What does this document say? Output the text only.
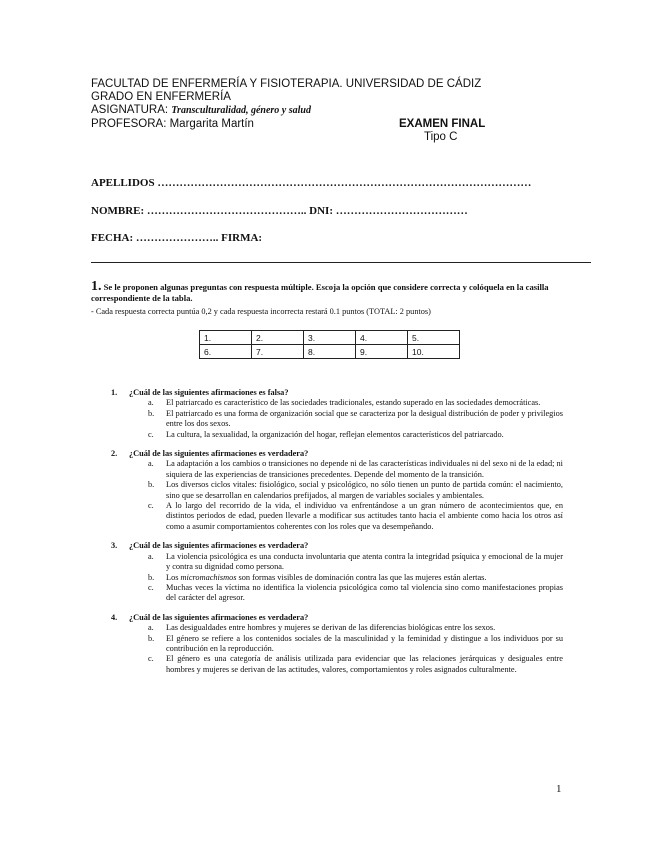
FACULTAD DE ENFERMERÍA Y FISIOTERAPIA. UNIVERSIDAD DE CÁDIZ
GRADO EN ENFERMERÍA
ASIGNATURA: Transculturalidad, género y salud
PROFESORA: Margarita Martín	EXAMEN FINAL
Tipo C
APELLIDOS …………………………………………………………………………………………
NOMBRE: …………………………………….. DNI: ………………………………
FECHA: ………………….. FIRMA:
1. Se le proponen algunas preguntas con respuesta múltiple. Escoja la opción que considere correcta y colóquela en la casilla correspondiente de la tabla.
- Cada respuesta correcta puntúa 0,2 y cada respuesta incorrecta restará 0.1 puntos (TOTAL: 2 puntos)
1.	2.	3.	4.	5.
6.	7.	8.	9.	10.
1. ¿Cuál de las siguientes afirmaciones es falsa?
a. El patriarcado es característico de las sociedades tradicionales, estando superado en las sociedades democráticas.
b. El patriarcado es una forma de organización social que se caracteriza por la desigual distribución de poder y privilegios entre los dos sexos.
c. La cultura, la sexualidad, la organización del hogar, reflejan elementos característicos del patriarcado.
2. ¿Cuál de las siguientes afirmaciones es verdadera?
a. La adaptación a los cambios o transiciones no depende ni de las características individuales ni del sexo ni de la edad; ni siquiera de las experiencias de transiciones precedentes. Depende del momento de la transición.
b. Los diversos ciclos vitales: fisiológico, social y psicológico, no sólo tienen un punto de partida común: el nacimiento, sino que se desarrollan en calendarios prefijados, al margen de variables sociales y ambientales.
c. A lo largo del recorrido de la vida, el individuo va enfrentándose a un gran número de acontecimientos que, en distintos periodos de edad, pueden llevarle a modificar sus actitudes tanto hacia el ambiente como hacia los otros así como a asumir comportamientos coherentes con los roles que va desempeñando.
3. ¿Cuál de las siguientes afirmaciones es verdadera?
a. La violencia psicológica es una conducta involuntaria que atenta contra la integridad psíquica y emocional de la mujer y contra su dignidad como persona.
b. Los micromachismos son formas visibles de dominación contra las que las mujeres están alertas.
c. Muchas veces la víctima no identifica la violencia psicológica como tal violencia sino como manifestaciones propias del carácter del agresor.
4. ¿Cuál de las siguientes afirmaciones es verdadera?
a. Las desigualdades entre hombres y mujeres se derivan de las diferencias biológicas entre los sexos.
b. El género se refiere a los contenidos sociales de la masculinidad y la feminidad y distingue a los individuos por su contribución en la reproducción.
c. El género es una categoría de análisis utilizada para evidenciar que las relaciones jerárquicas y desiguales entre hombres y mujeres se derivan de las actitudes, valores, comportamientos y roles asignados culturalmente.
1
